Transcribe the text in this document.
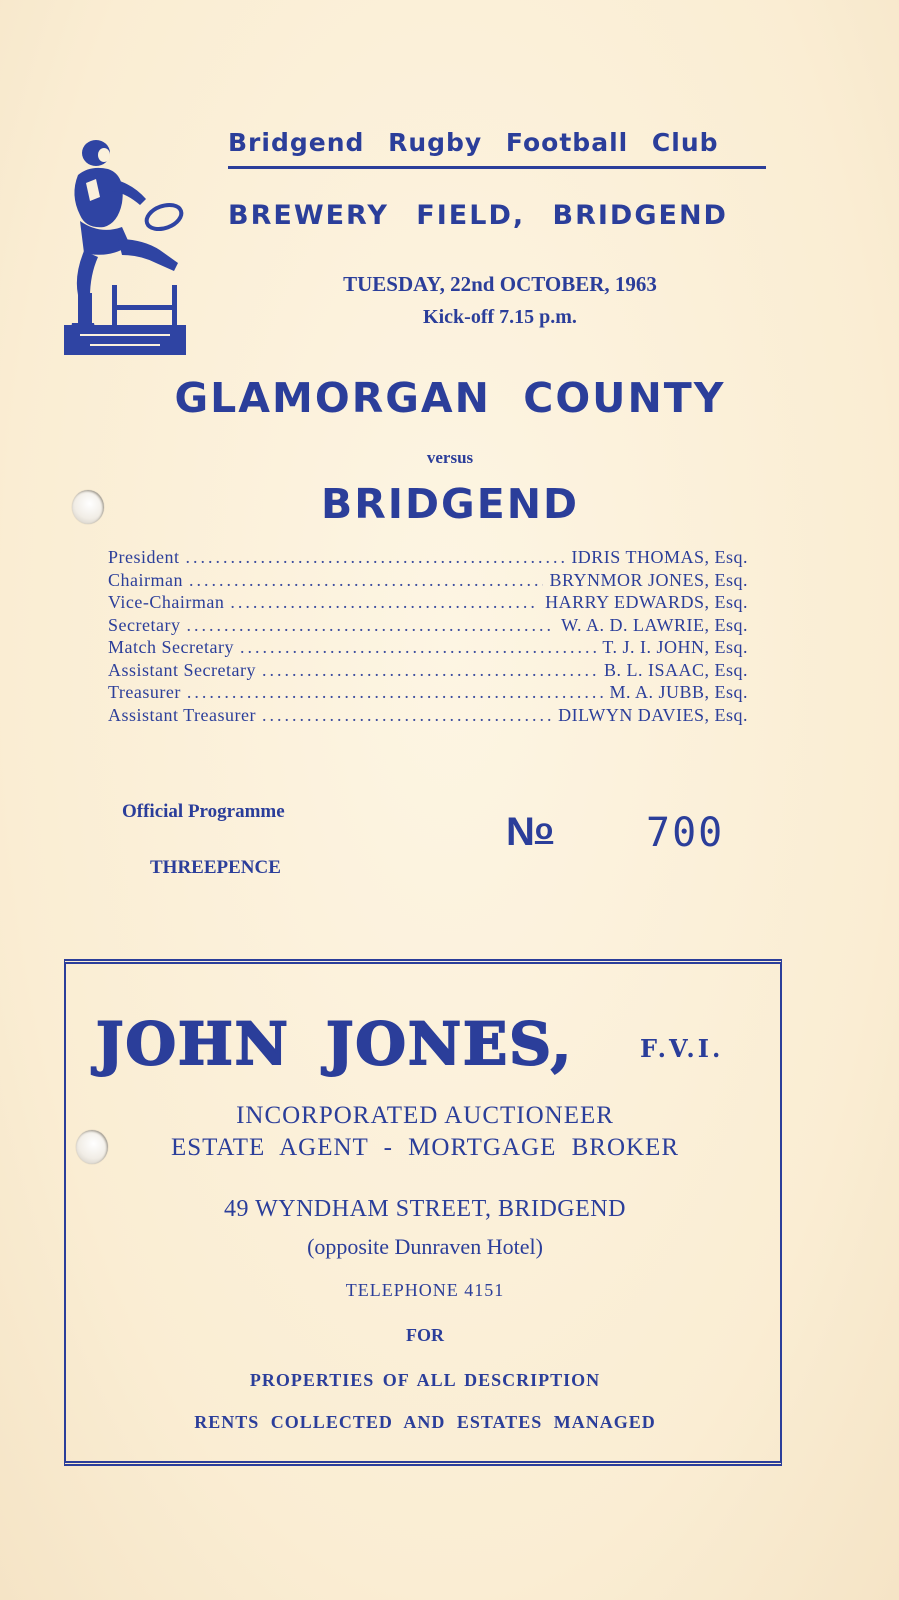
Bridgend Rugby Football Club
BREWERY FIELD, BRIDGEND
TUESDAY, 22nd OCTOBER, 1963
Kick-off 7.15 p.m.
GLAMORGAN COUNTY
versus
BRIDGEND
President .....	IDRIS THOMAS, Esq.
Chairman .....	BRYNMOR JONES, Esq.
Vice-Chairman .....	HARRY EDWARDS, Esq.
Secretary .....	W. A. D. LAWRIE, Esq.
Match Secretary .....	T. J. I. JOHN, Esq.
Assistant Secretary .....	B. L. ISAAC, Esq.
Treasurer .....	M. A. JUBB, Esq.
Assistant Treasurer .....	DILWYN DAVIES, Esq.
Official Programme
THREEPENCE
No 700
JOHN JONES,	F.V.I.
INCORPORATED AUCTIONEER
ESTATE AGENT - MORTGAGE BROKER
49 WYNDHAM STREET, BRIDGEND
(opposite Dunraven Hotel)
TELEPHONE 4151
FOR
PROPERTIES OF ALL DESCRIPTION
RENTS COLLECTED AND ESTATES MANAGED
